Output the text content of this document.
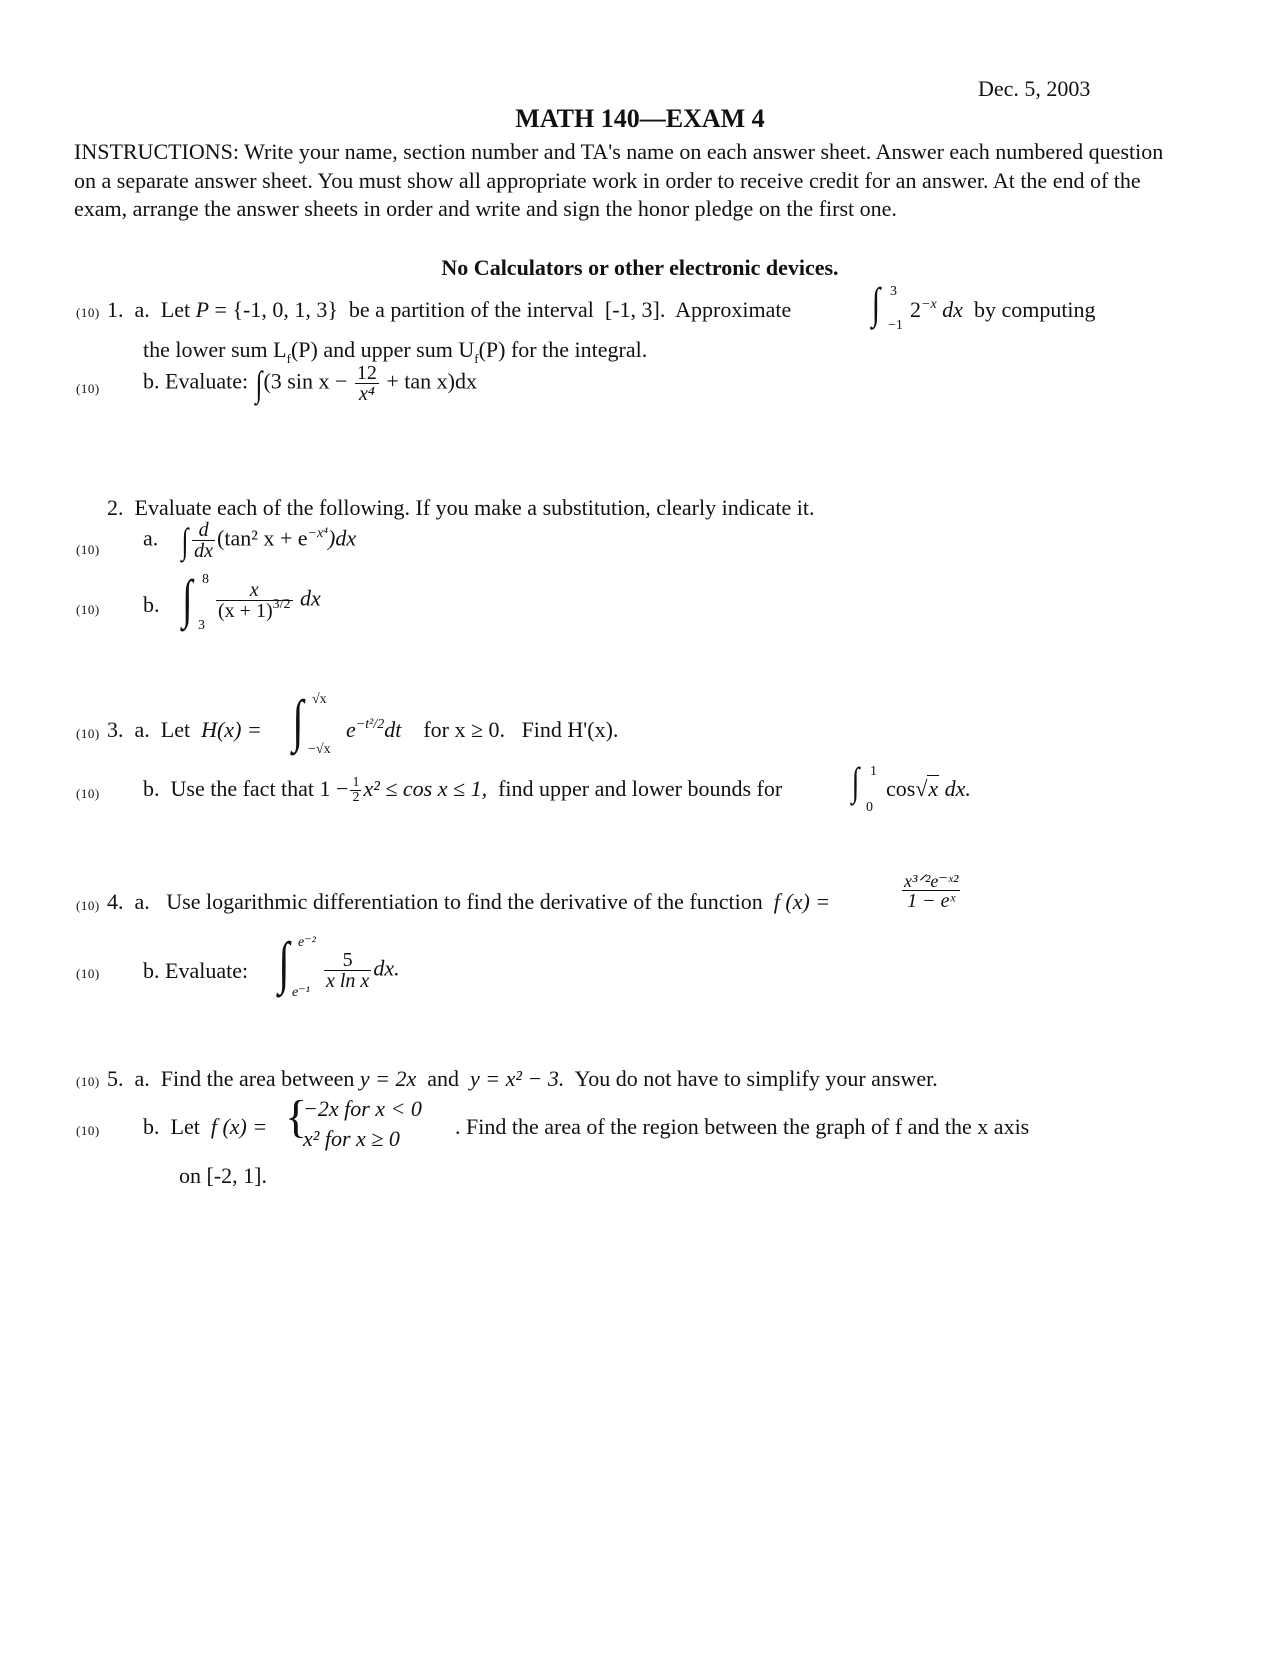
Dec. 5, 2003
MATH 140—EXAM 4
INSTRUCTIONS: Write your name, section number and TA's name on each answer sheet. Answer each numbered question on a separate answer sheet. You must show all appropriate work in order to receive credit for an answer. At the end of the exam, arrange the answer sheets in order and write and sign the honor pledge on the first one.
No Calculators or other electronic devices.
(10) 1. a. Let P = {-1, 0, 1, 3} be a partition of the interval [-1, 3]. Approximate ∫ 3
−1
$2^{-x}$ dx by computing
the lower sum $L_f(P)$ and upper sum $U_f(P)$ for the integral.
(10) b. Evaluate: ∫(3 $\sin x - \frac{12}{\text{x⁴}} + \tan x)dx$
2. Evaluate each of the following. If you make a substitution, clearly indicate it.
(10) a. ∫ $\frac{d}{dx} (\tan^2$ $x + e^{-x^4})dx$
(10) b. ∫ 8
3
$\frac{x}{(x + 1)^{3/2}}$ dx
(10) 3. a. Let H(x) = ∫ √x
−√x
$e^{-t^2/2}dt$ for x ≥ 0. Find H'(x).
(10) b. Use the fact that $1 - \frac{1}{2} x^2 \le \cos x \le 1$, find upper and lower bounds for ∫ 1
0
cos√x dx.
(10) 4. a. Use logarithmic differentiation to find the derivative of the function f (x) =	$\frac{\text{x³ᐟ²e⁻ˣ²}}{\text{1 − eˣ}}$
(10) b. Evaluate: ∫ e⁻²
e⁻¹
$\frac{5}{\text{x ln x}}$ dx.
(10) 5. a. Find the area between y = 2x and y = x² − 3. You do not have to simplify your answer.
(10) b. Let f (x) = {
−2x for x < 0
x² for x ≥ 0	. Find the area of the region between the graph of f and the x axis
on [-2, 1].
